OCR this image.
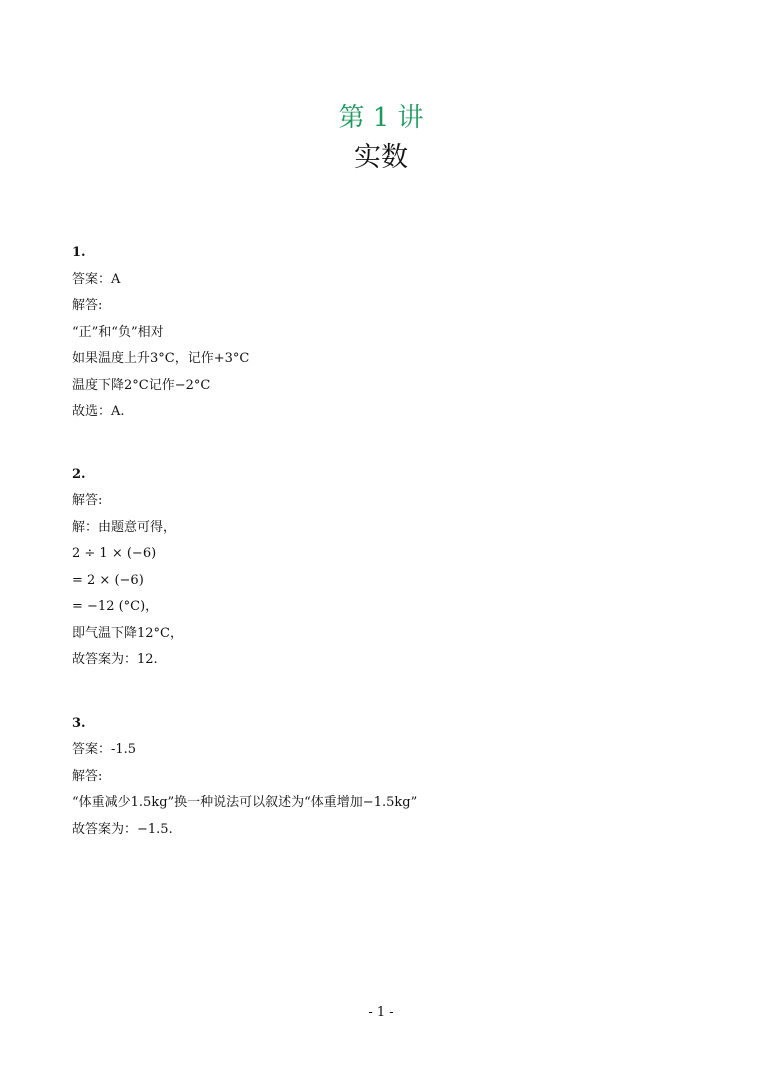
第 1 讲
实数
1.
答案：A
解答:
“正”和“负”相对
如果温度上升3°C，记作+3°C
温度下降2°C记作−2°C
故选：A.
2.
解答:
解：由题意可得，
2 ÷ 1 × (−6)
= 2 × (−6)
= −12 (°C)，
即气温下降12°C，
故答案为：12.
3.
答案：-1.5
解答:
“体重减少1.5kg”换一种说法可以叙述为“体重增加−1.5kg”
故答案为：−1.5.
- 1 -
